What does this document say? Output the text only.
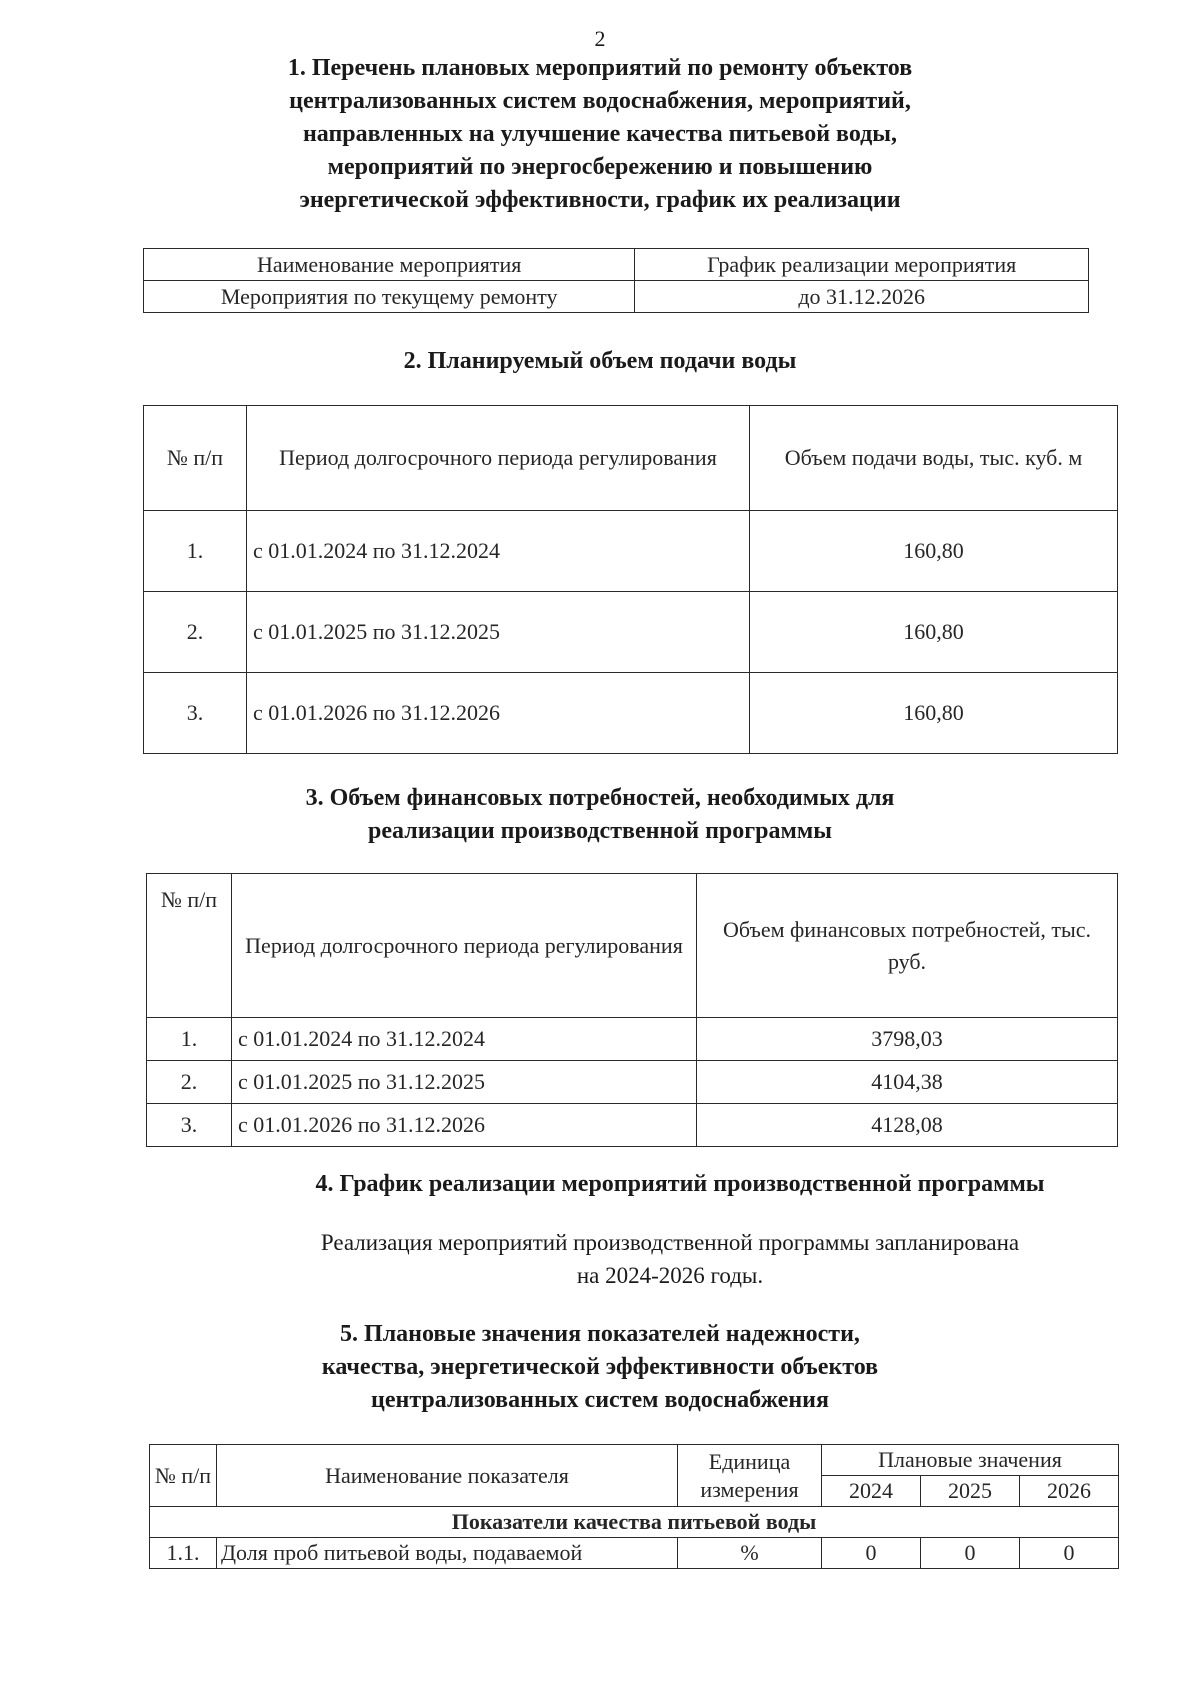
2
1. Перечень плановых мероприятий по ремонту объектов
централизованных систем водоснабжения, мероприятий,
направленных на улучшение качества питьевой воды,
мероприятий по энергосбережению и повышению
энергетической эффективности, график их реализации
Наименование мероприятия	График реализации мероприятия
Мероприятия по текущему ремонту	до 31.12.2026
2. Планируемый объем подачи воды
№ п/п	Период долгосрочного периода регулирования	Объем подачи воды, тыс. куб. м
1.	с 01.01.2024 по 31.12.2024	160,80
2.	с 01.01.2025 по 31.12.2025	160,80
3.	с 01.01.2026 по 31.12.2026	160,80
3. Объем финансовых потребностей, необходимых для
реализации производственной программы
№ п/п	Период долгосрочного периода регулирования	Объем финансовых потребностей, тыс. руб.
1.	с 01.01.2024 по 31.12.2024	3798,03
2.	с 01.01.2025 по 31.12.2025	4104,38
3.	с 01.01.2026 по 31.12.2026	4128,08
4. График реализации мероприятий производственной программы
Реализация мероприятий производственной программы запланирована
на 2024-2026 годы.
5. Плановые значения показателей надежности,
качества, энергетической эффективности объектов
централизованных систем водоснабжения
№ п/п	Наименование показателя	Единица измерения	Плановые значения		
			2024	2025	2026
Показатели качества питьевой воды					
1.1.	Доля проб питьевой воды, подаваемой	%	0	0	0
